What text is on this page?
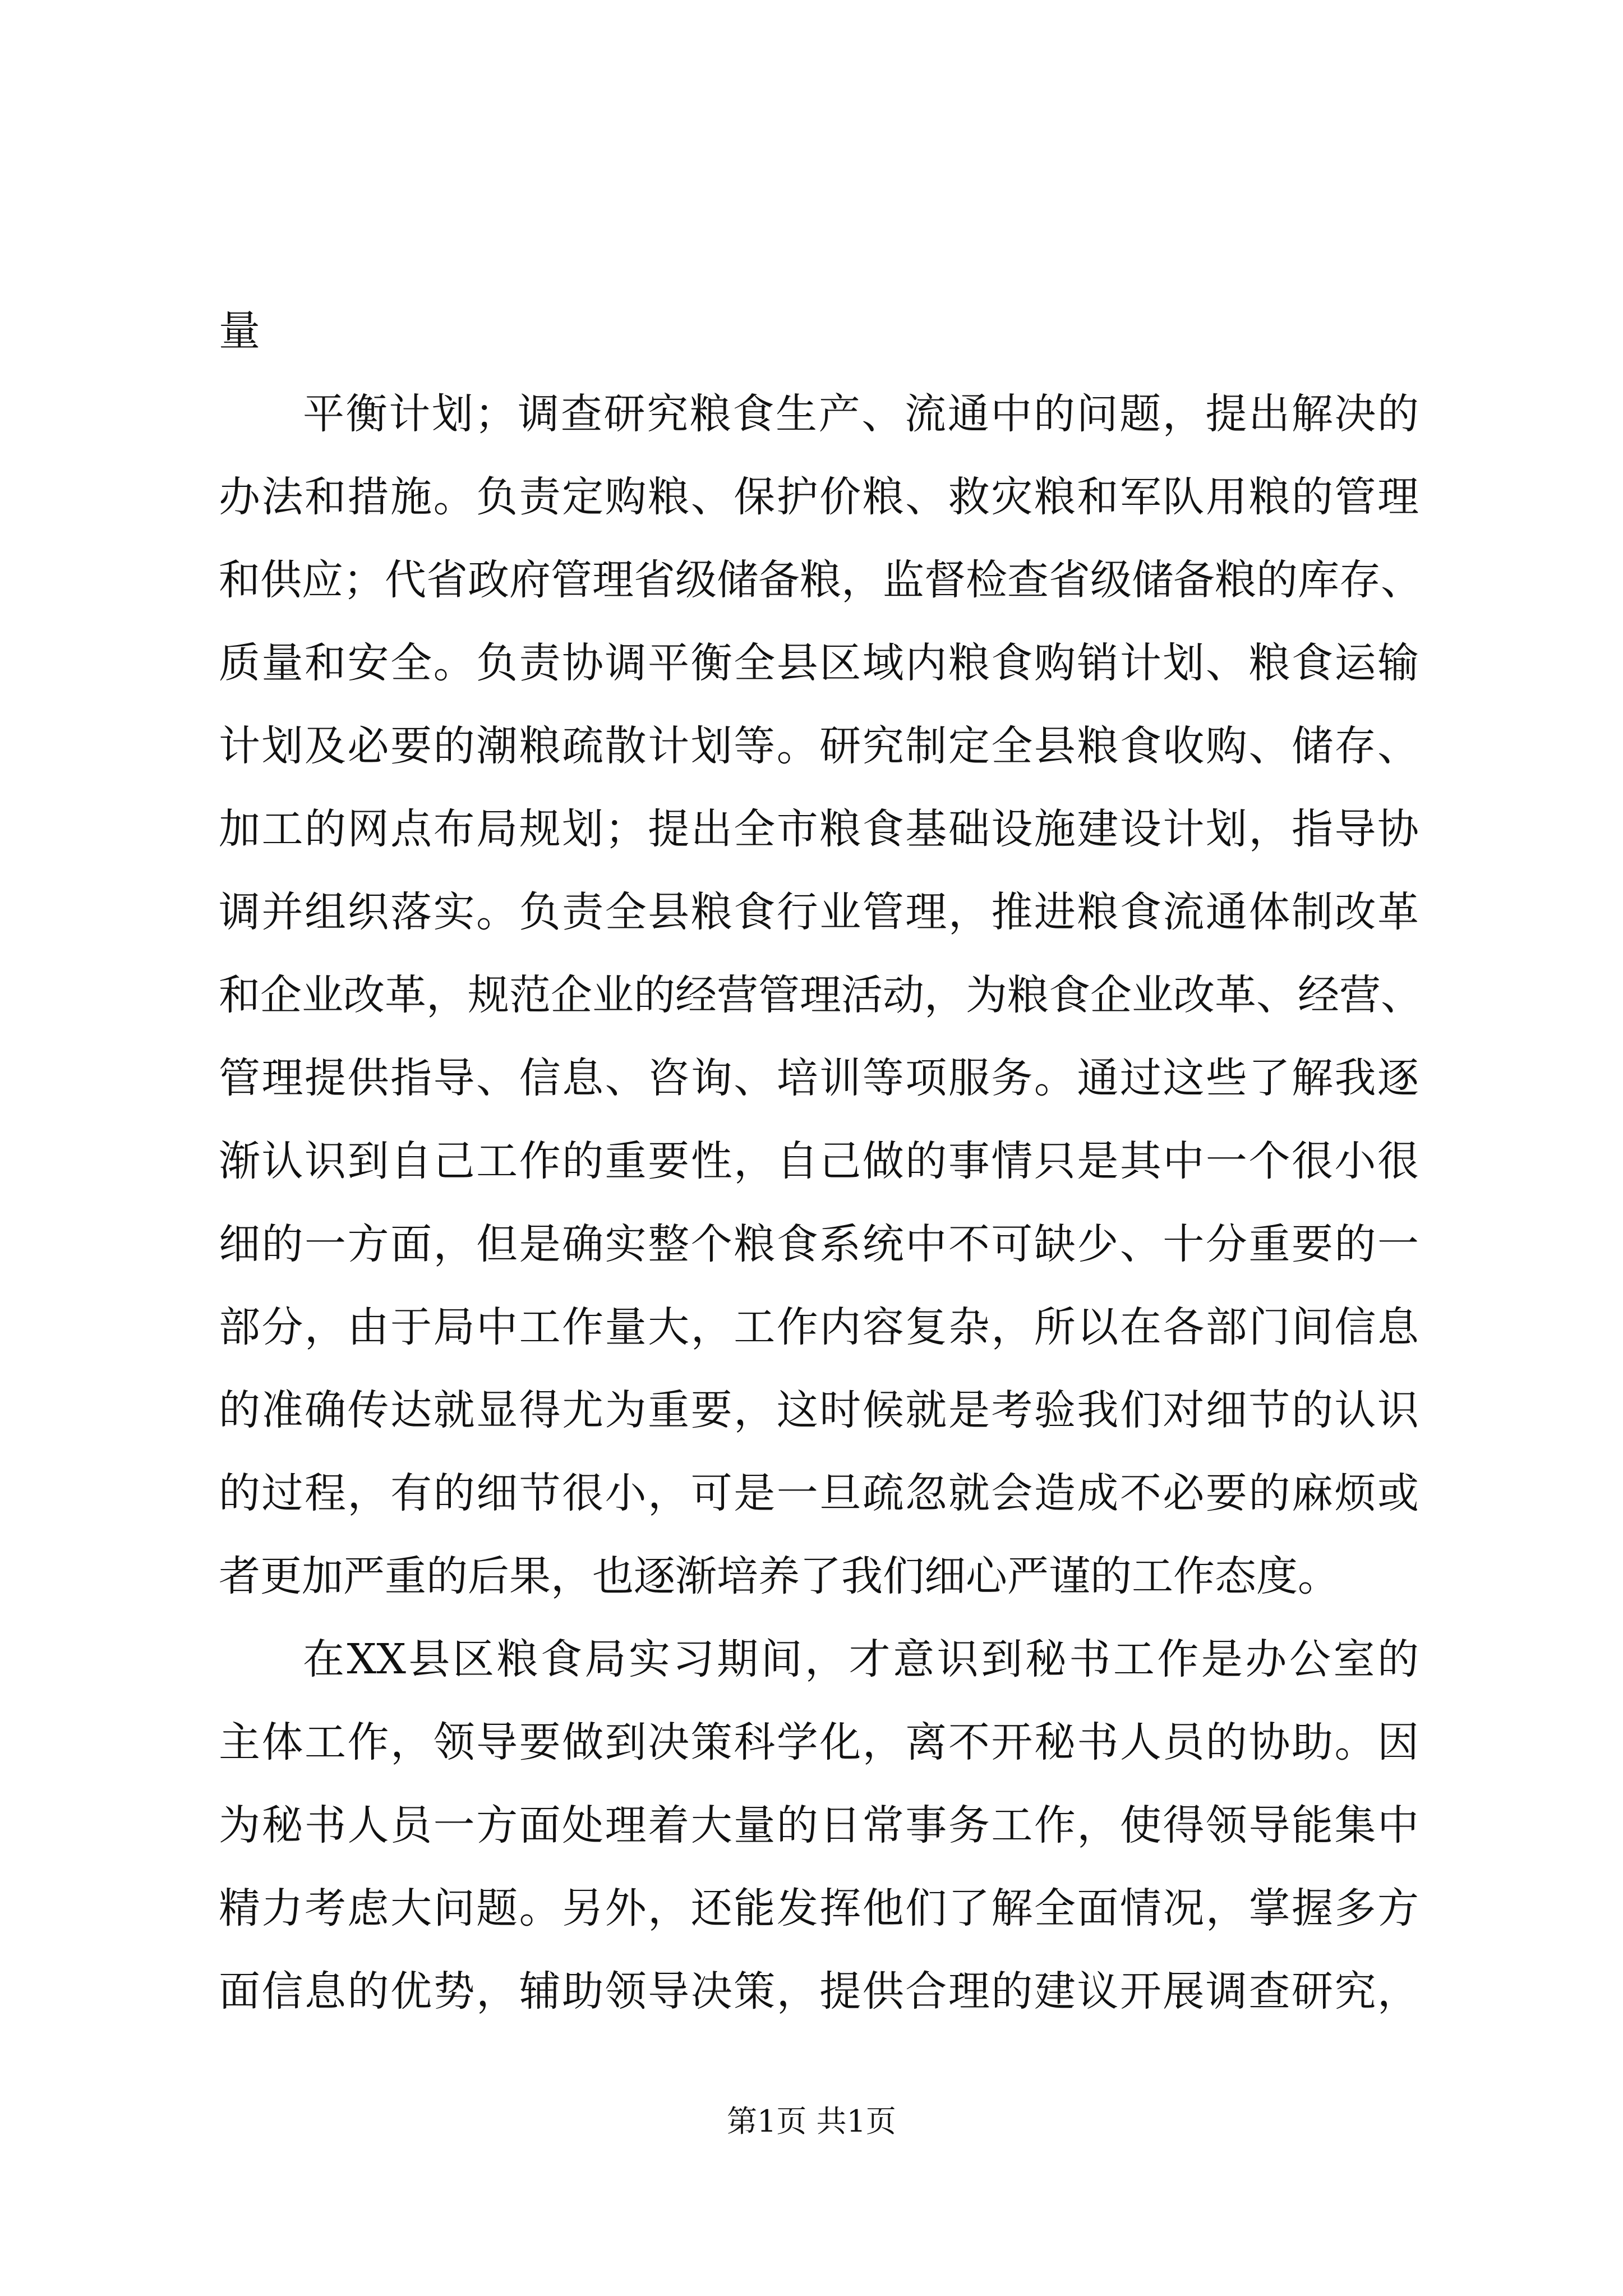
量
平衡计划；调查研究粮食生产、流通中的问题，提出解决的
办法和措施。负责定购粮、保护价粮、救灾粮和军队用粮的管理
和供应；代省政府管理省级储备粮，监督检查省级储备粮的库存、
质量和安全。负责协调平衡全县区域内粮食购销计划、粮食运输
计划及必要的潮粮疏散计划等。研究制定全县粮食收购、储存、
加工的网点布局规划；提出全市粮食基础设施建设计划，指导协
调并组织落实。负责全县粮食行业管理，推进粮食流通体制改革
和企业改革，规范企业的经营管理活动，为粮食企业改革、经营、
管理提供指导、信息、咨询、培训等项服务。通过这些了解我逐
渐认识到自己工作的重要性，自己做的事情只是其中一个很小很
细的一方面，但是确实整个粮食系统中不可缺少、十分重要的一
部分，由于局中工作量大，工作内容复杂，所以在各部门间信息
的准确传达就显得尤为重要，这时候就是考验我们对细节的认识
的过程，有的细节很小，可是一旦疏忽就会造成不必要的麻烦或
者更加严重的后果，也逐渐培养了我们细心严谨的工作态度。
在XX县区粮食局实习期间，才意识到秘书工作是办公室的
主体工作，领导要做到决策科学化，离不开秘书人员的协助。因
为秘书人员一方面处理着大量的日常事务工作，使得领导能集中
精力考虑大问题。另外，还能发挥他们了解全面情况，掌握多方
面信息的优势，辅助领导决策，提供合理的建议开展调查研究，
第1页 共1页
